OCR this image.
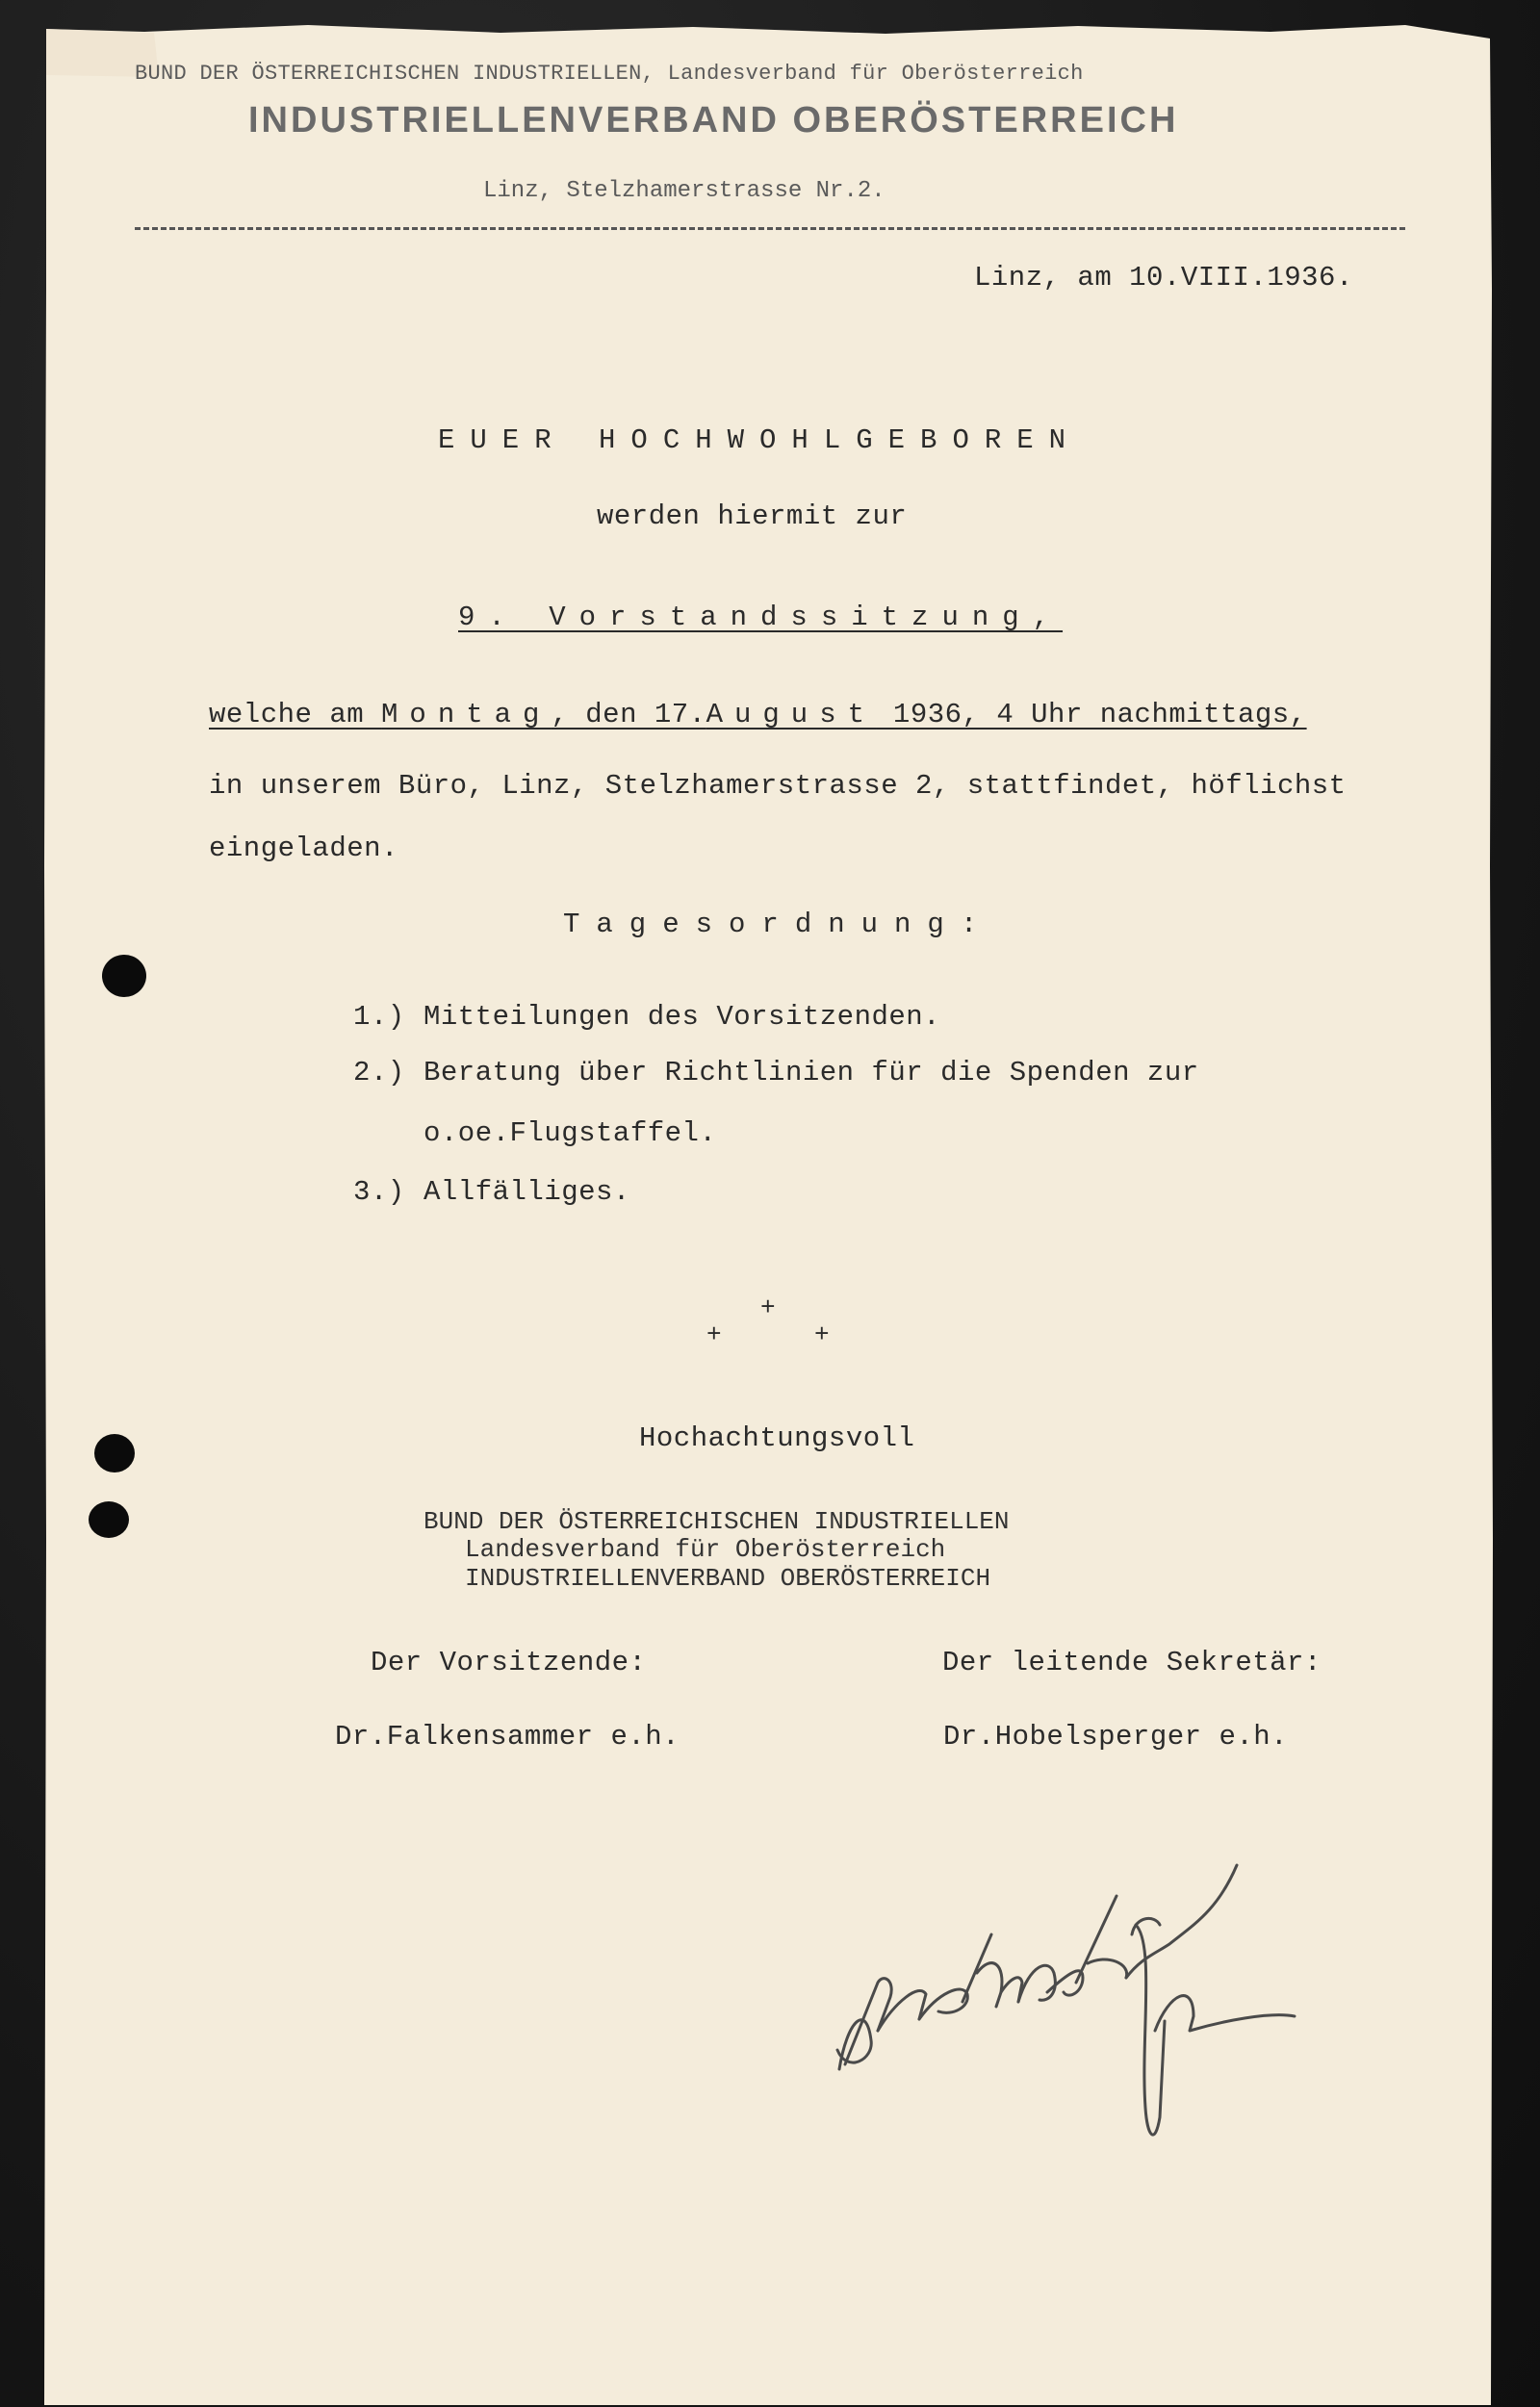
BUND DER ÖSTERREICHISCHEN INDUSTRIELLEN, Landesverband für Oberösterreich
INDUSTRIELLENVERBAND OBERÖSTERREICH
Linz, Stelzhamerstrasse Nr.2.
Linz, am 10.VIII.1936.
EUER HOCHWOHLGEBOREN
werden hiermit zur
9. Vorstandssitzung,
welche am Montag, den 17.August 1936, 4 Uhr nachmittags,
in unserem Büro, Linz, Stelzhamerstrasse 2, stattfindet, höflichst
eingeladen.
Tagesordnung:
1.) Mitteilungen des Vorsitzenden.
2.) Beratung über Richtlinien für die Spenden zur
o.oe.Flugstaffel.
3.) Allfälliges.
+
+	+
Hochachtungsvoll
BUND DER ÖSTERREICHISCHEN INDUSTRIELLEN
Landesverband für Oberösterreich
INDUSTRIELLENVERBAND OBERÖSTERREICH
Der Vorsitzende:	Der leitende Sekretär:
Dr.Falkensammer e.h.	Dr.Hobelsperger e.h.
